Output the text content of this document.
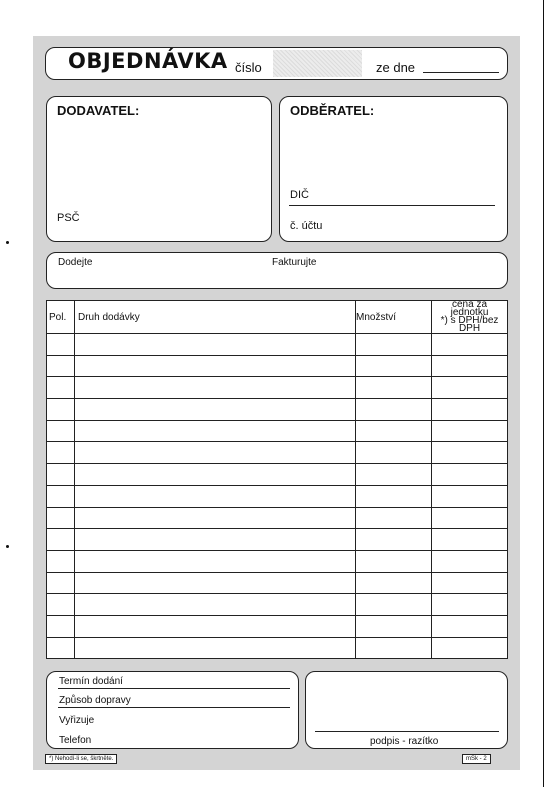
OBJEDNÁVKA číslo	ze dne
DODAVATEL:
PSČ
ODBĚRATEL:
DIČ
č. účtu
Dodejte	Fakturujte
Pol.	Druh dodávky	Množství	cena za jednotku
*) s DPH/bez DPH

Termín dodání
Způsob dopravy
Vyřizuje
Telefon	podpis - razítko
*) Nehodí-li se, škrtněte.	mSk - 2
